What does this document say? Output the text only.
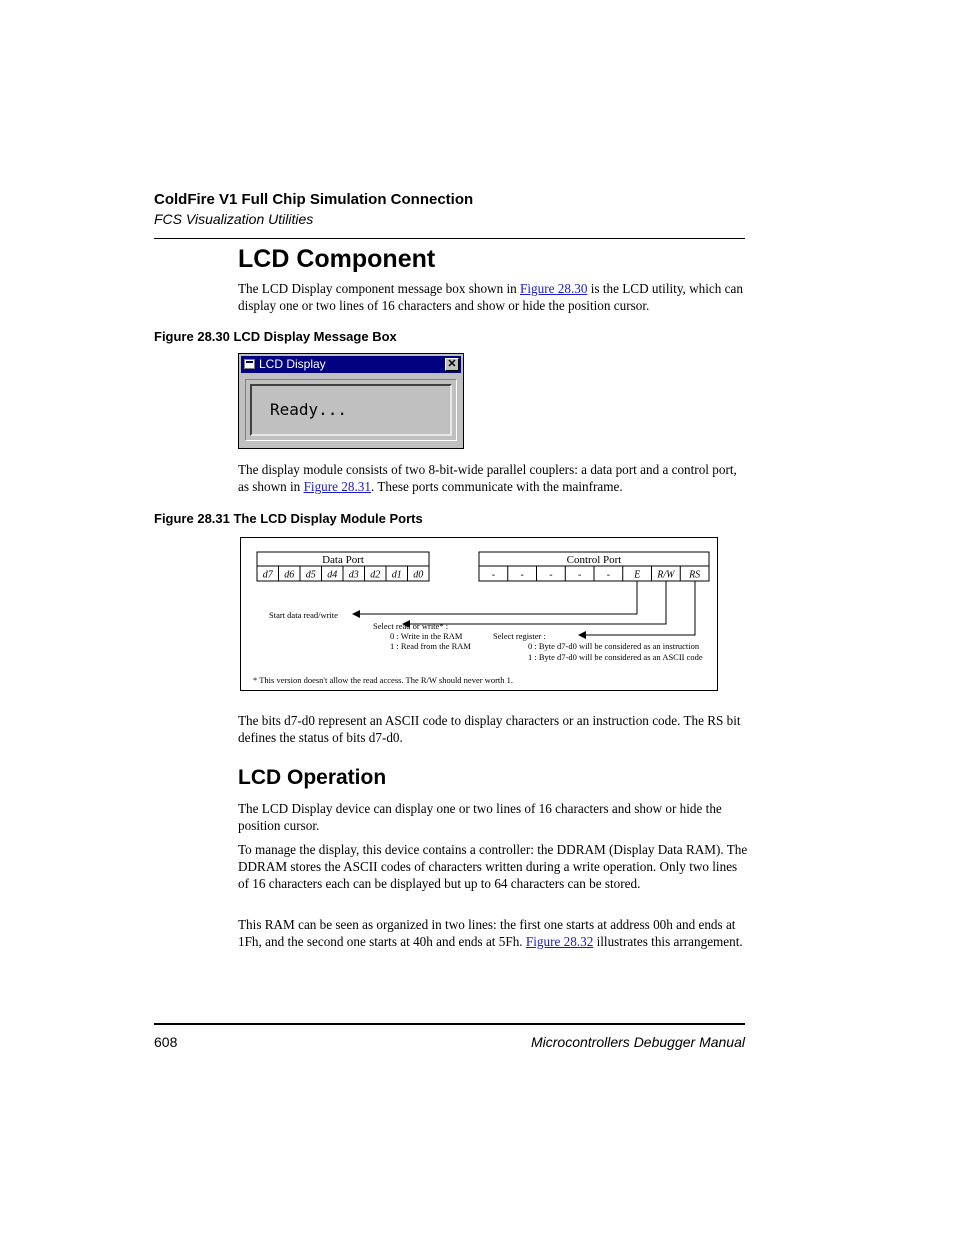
ColdFire V1 Full Chip Simulation Connection
FCS Visualization Utilities
LCD Component
The LCD Display component message box shown in Figure 28.30 is the LCD utility, which can display one or two lines of 16 characters and show or hide the position cursor.
Figure 28.30 LCD Display Message Box
LCD Display	✕
Ready...
The display module consists of two 8-bit-wide parallel couplers: a data port and a control port, as shown in Figure 28.31. These ports communicate with the mainframe.
Figure 28.31 The LCD Display Module Ports
Data Port
d7 d6 d5 d4 d3 d2 d1 d0
Control Port
-	-	-	-	- E R/W RS
Start data read/write
Select read or write* :
0 : Write in the RAM
1 : Read from the RAM
Select register :
0 : Byte d7-d0 will be considered as an instruction
1 : Byte d7-d0 will be considered as an ASCII code
* This version doesn't allow the read access. The R/W should never worth 1.
The bits d7-d0 represent an ASCII code to display characters or an instruction code. The RS bit defines the status of bits d7-d0.
LCD Operation
The LCD Display device can display one or two lines of 16 characters and show or hide the position cursor.
To manage the display, this device contains a controller: the DDRAM (Display Data RAM). The DDRAM stores the ASCII codes of characters written during a write operation. Only two lines of 16 characters each can be displayed but up to 64 characters can be stored.
This RAM can be seen as organized in two lines: the first one starts at address 00h and ends at 1Fh, and the second one starts at 40h and ends at 5Fh. Figure 28.32 illustrates this arrangement.
608	Microcontrollers Debugger Manual
